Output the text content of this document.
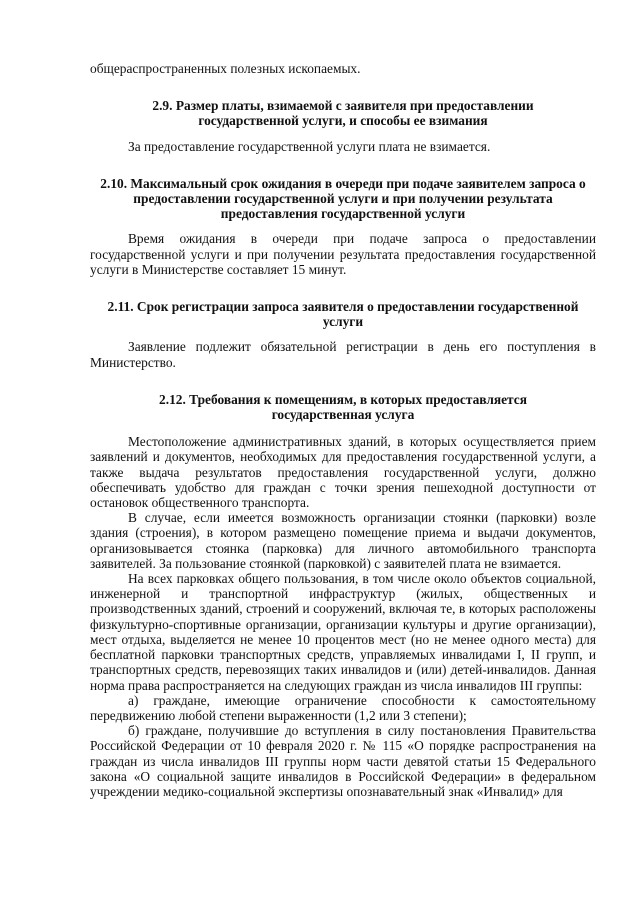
общераспространенных полезных ископаемых.

2.9. Размер платы, взимаемой с заявителя при предоставлении государственной услуги, и способы ее взимания

За предоставление государственной услуги плата не взимается.

2.10. Максимальный срок ожидания в очереди при подаче заявителем запроса о предоставлении государственной услуги и при получении результата предоставления государственной услуги

Время ожидания в очереди при подаче запроса о предоставлении государственной услуги и при получении результата предоставления государственной услуги в Министерстве составляет 15 минут.

2.11. Срок регистрации запроса заявителя о предоставлении государственной услуги

Заявление подлежит обязательной регистрации в день его поступления в Министерство.

2.12. Требования к помещениям, в которых предоставляется государственная услуга

Местоположение административных зданий, в которых осуществляется прием заявлений и документов, необходимых для предоставления государственной услуги, а также выдача результатов предоставления государственной услуги, должно обеспечивать удобство для граждан с точки зрения пешеходной доступности от остановок общественного транспорта.

В случае, если имеется возможность организации стоянки (парковки) возле здания (строения), в котором размещено помещение приема и выдачи документов, организовывается стоянка (парковка) для личного автомобильного транспорта заявителей. За пользование стоянкой (парковкой) с заявителей плата не взимается.

На всех парковках общего пользования, в том числе около объектов социальной, инженерной и транспортной инфраструктур (жилых, общественных и производственных зданий, строений и сооружений, включая те, в которых расположены физкультурно-спортивные организации, организации культуры и другие организации), мест отдыха, выделяется не менее 10 процентов мест (но не менее одного места) для бесплатной парковки транспортных средств, управляемых инвалидами I, II групп, и транспортных средств, перевозящих таких инвалидов и (или) детей-инвалидов. Данная норма права распространяется на следующих граждан из числа инвалидов III группы:

а) граждане, имеющие ограничение способности к самостоятельному передвижению любой степени выраженности (1,2 или 3 степени);

б) граждане, получившие до вступления в силу постановления Правительства Российской Федерации от 10 февраля 2020 г. № 115 «О порядке распространения на граждан из числа инвалидов III группы норм части девятой статьи 15 Федерального закона «О социальной защите инвалидов в Российской Федерации» в федеральном учреждении медико-социальной экспертизы опознавательный знак «Инвалид» для
